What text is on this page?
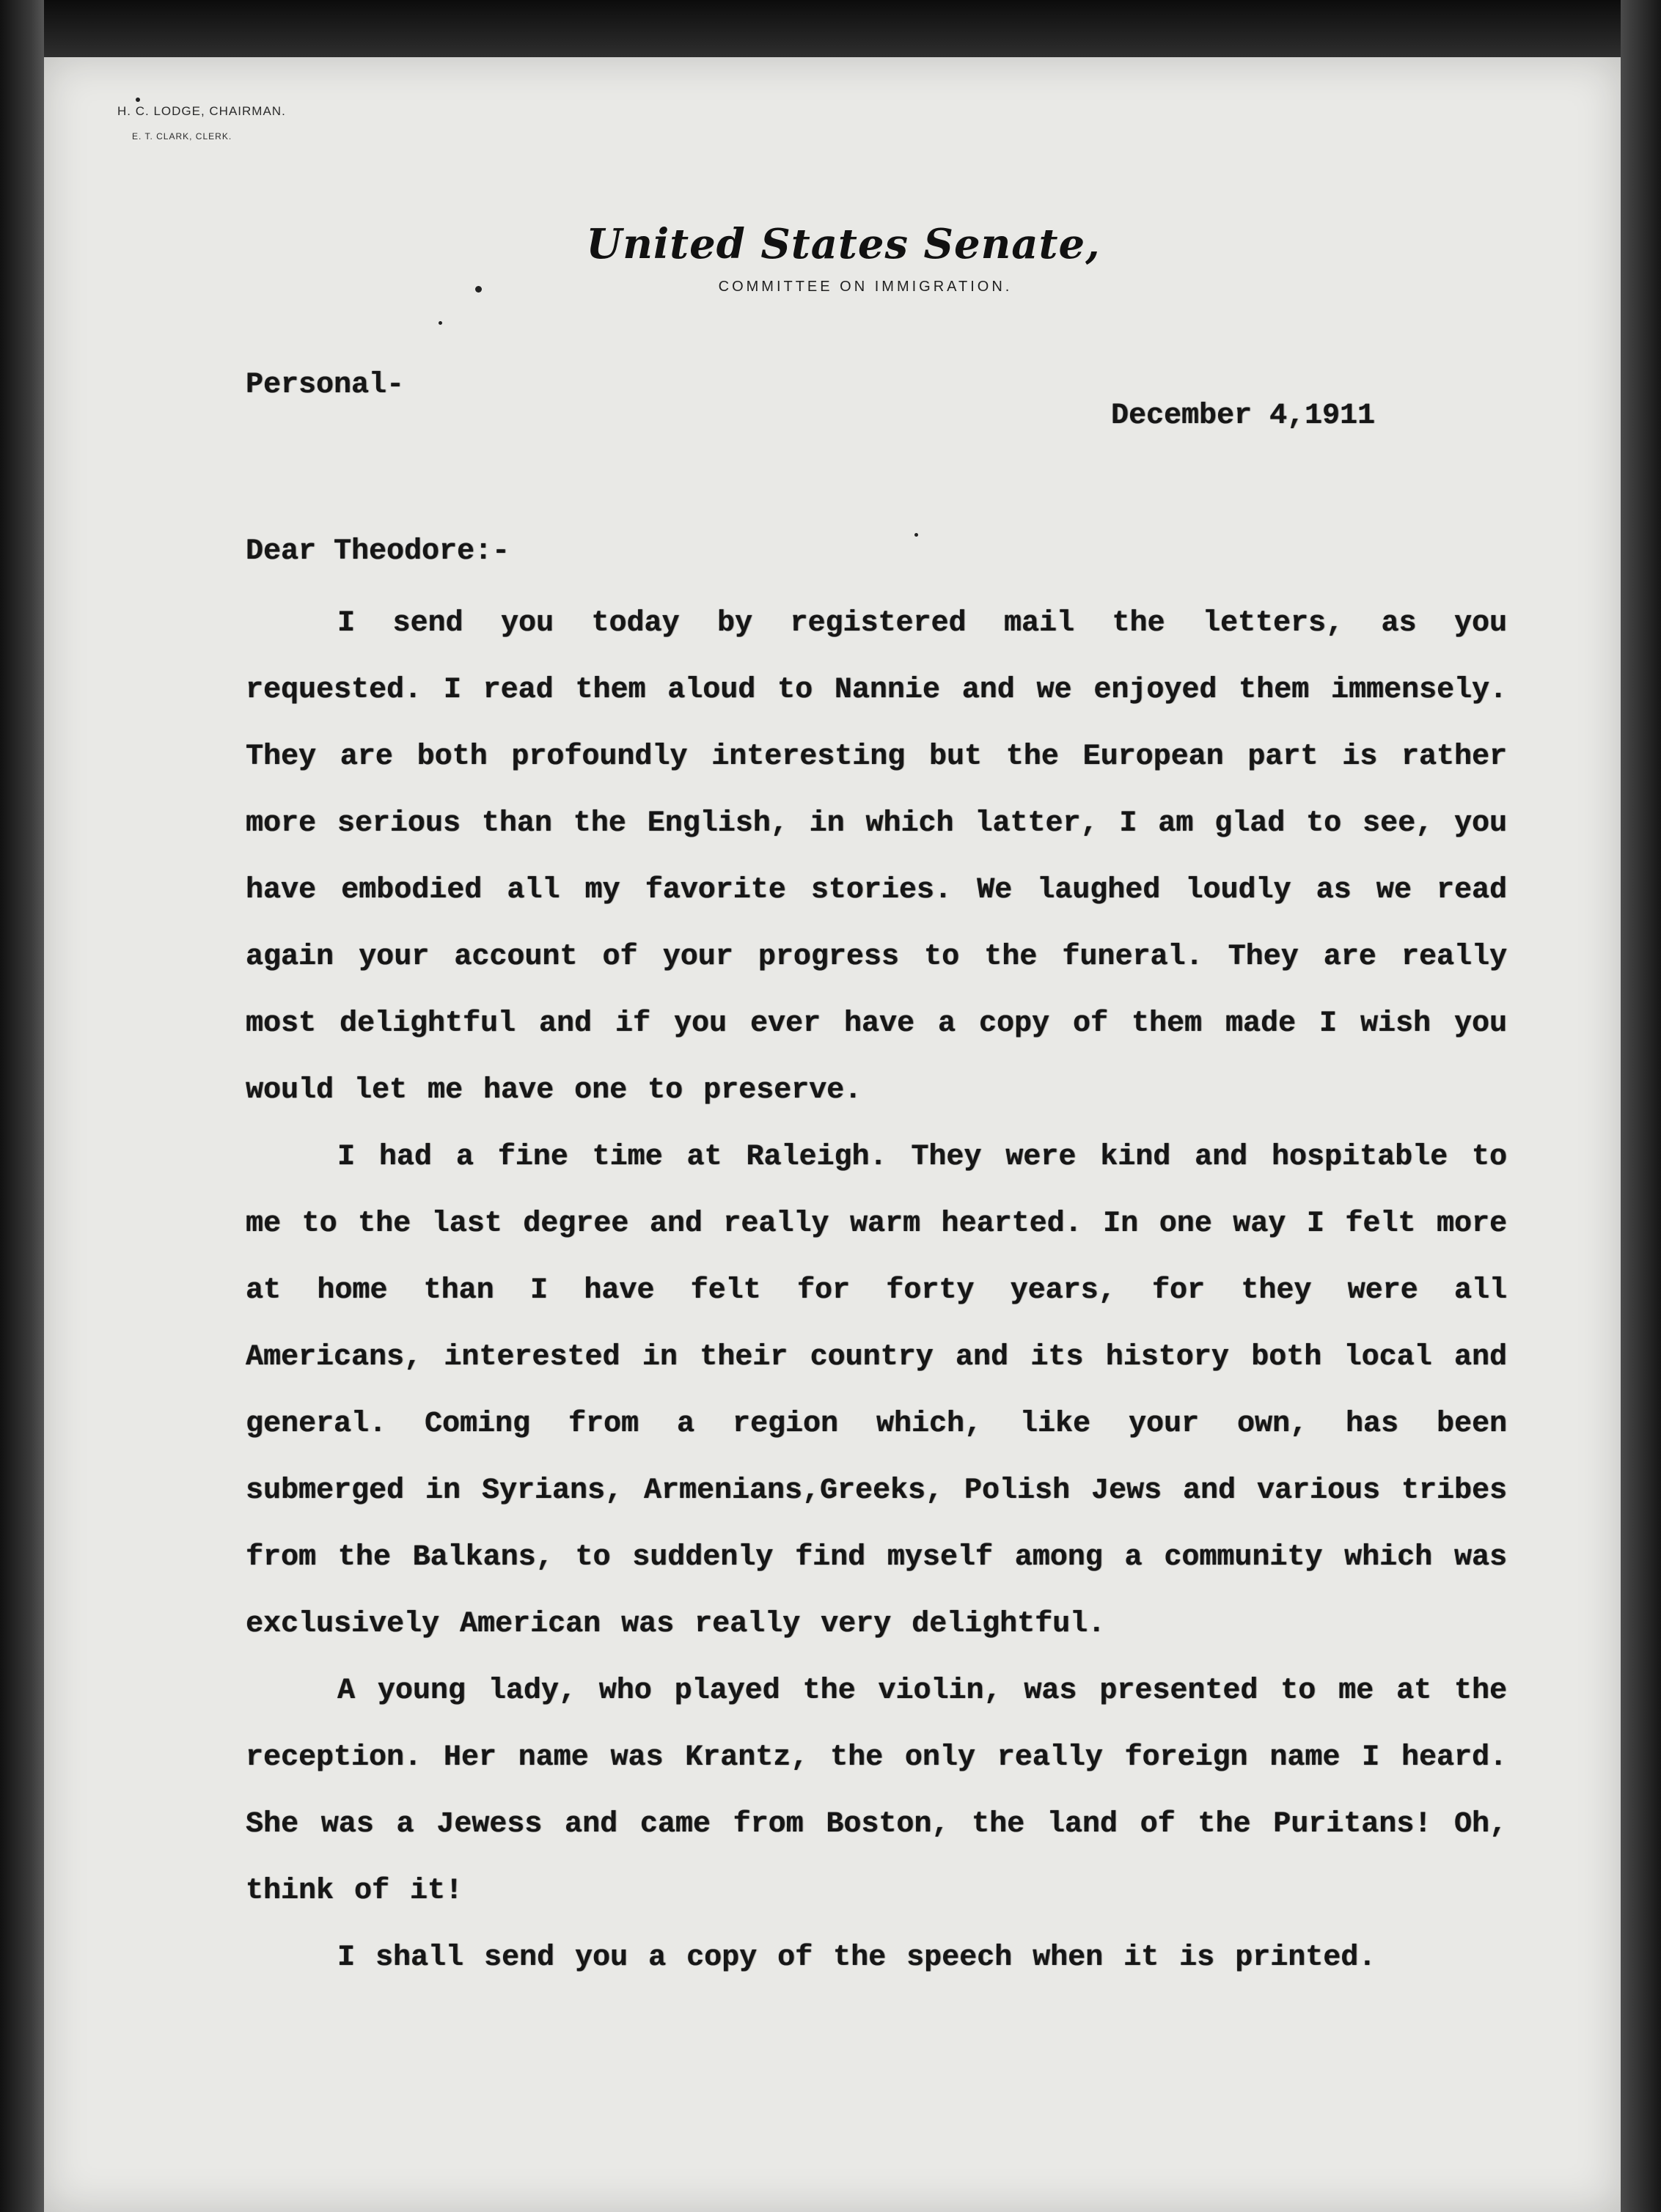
H. C. LODGE, CHAIRMAN.
E. T. CLARK, CLERK.
United States Senate,
COMMITTEE ON IMMIGRATION.
Personal-
December 4,1911
Dear Theodore:-

I send you today by registered mail the letters, as you requested. I read them aloud to Nannie and we enjoyed them immensely. They are both profoundly interesting but the European part is rather more serious than the English, in which latter, I am glad to see, you have embodied all my favorite stories. We laughed loudly as we read again your account of your progress to the funeral. They are really most delightful and if you ever have a copy of them made I wish you would let me have one to preserve.

I had a fine time at Raleigh. They were kind and hospitable to me to the last degree and really warm hearted. In one way I felt more at home than I have felt for forty years, for they were all Americans, interested in their country and its history both local and general. Coming from a region which, like your own, has been submerged in Syrians, Armenians,Greeks, Polish Jews and various tribes from the Balkans, to suddenly find myself among a community which was exclusively American was really very delightful.

A young lady, who played the violin, was presented to me at the reception. Her name was Krantz, the only really foreign name I heard. She was a Jewess and came from Boston, the land of the Puritans! Oh, think of it!

I shall send you a copy of the speech when it is printed.
